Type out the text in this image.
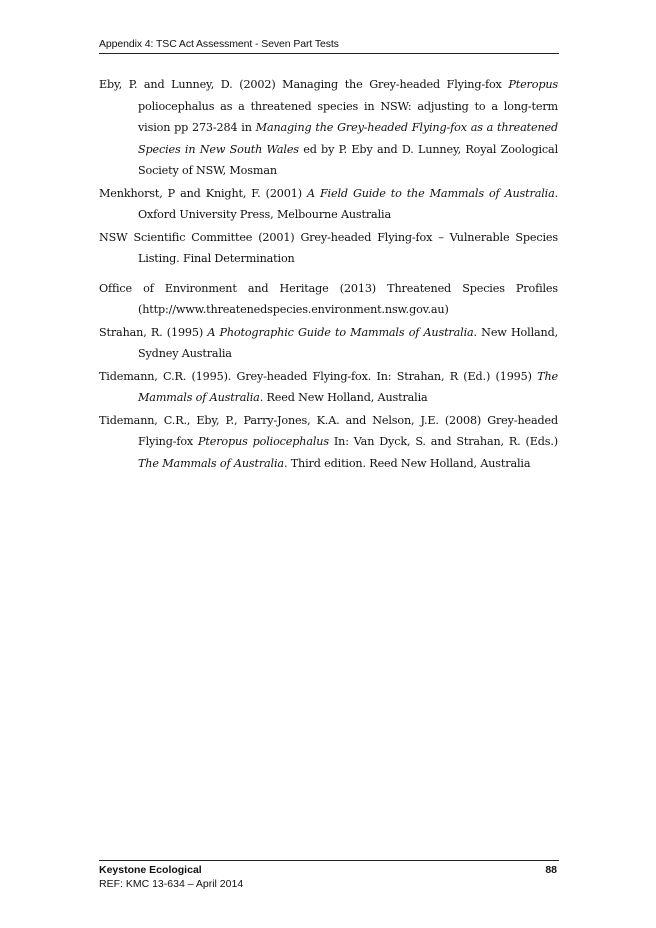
Appendix 4: TSC Act Assessment - Seven Part Tests

Eby, P. and Lunney, D. (2002) Managing the Grey-headed Flying-fox Pteropus poliocephalus as a threatened species in NSW: adjusting to a long-term vision pp 273-284 in Managing the Grey-headed Flying-fox as a threatened Species in New South Wales ed by P. Eby and D. Lunney, Royal Zoological Society of NSW, Mosman

Menkhorst, P and Knight, F. (2001) A Field Guide to the Mammals of Australia. Oxford University Press, Melbourne Australia

NSW Scientific Committee (2001) Grey-headed Flying-fox – Vulnerable Species Listing. Final Determination

Office of Environment and Heritage (2013) Threatened Species Profiles (http://www.threatenedspecies.environment.nsw.gov.au)

Strahan, R. (1995) A Photographic Guide to Mammals of Australia. New Holland, Sydney Australia

Tidemann, C.R. (1995). Grey-headed Flying-fox. In: Strahan, R (Ed.) (1995) The Mammals of Australia. Reed New Holland, Australia

Tidemann, C.R., Eby, P., Parry-Jones, K.A. and Nelson, J.E. (2008) Grey-headed Flying-fox Pteropus poliocephalus In: Van Dyck, S. and Strahan, R. (Eds.) The Mammals of Australia. Third edition. Reed New Holland, Australia

Keystone Ecological
REF: KMC 13-634 – April 2014
88
